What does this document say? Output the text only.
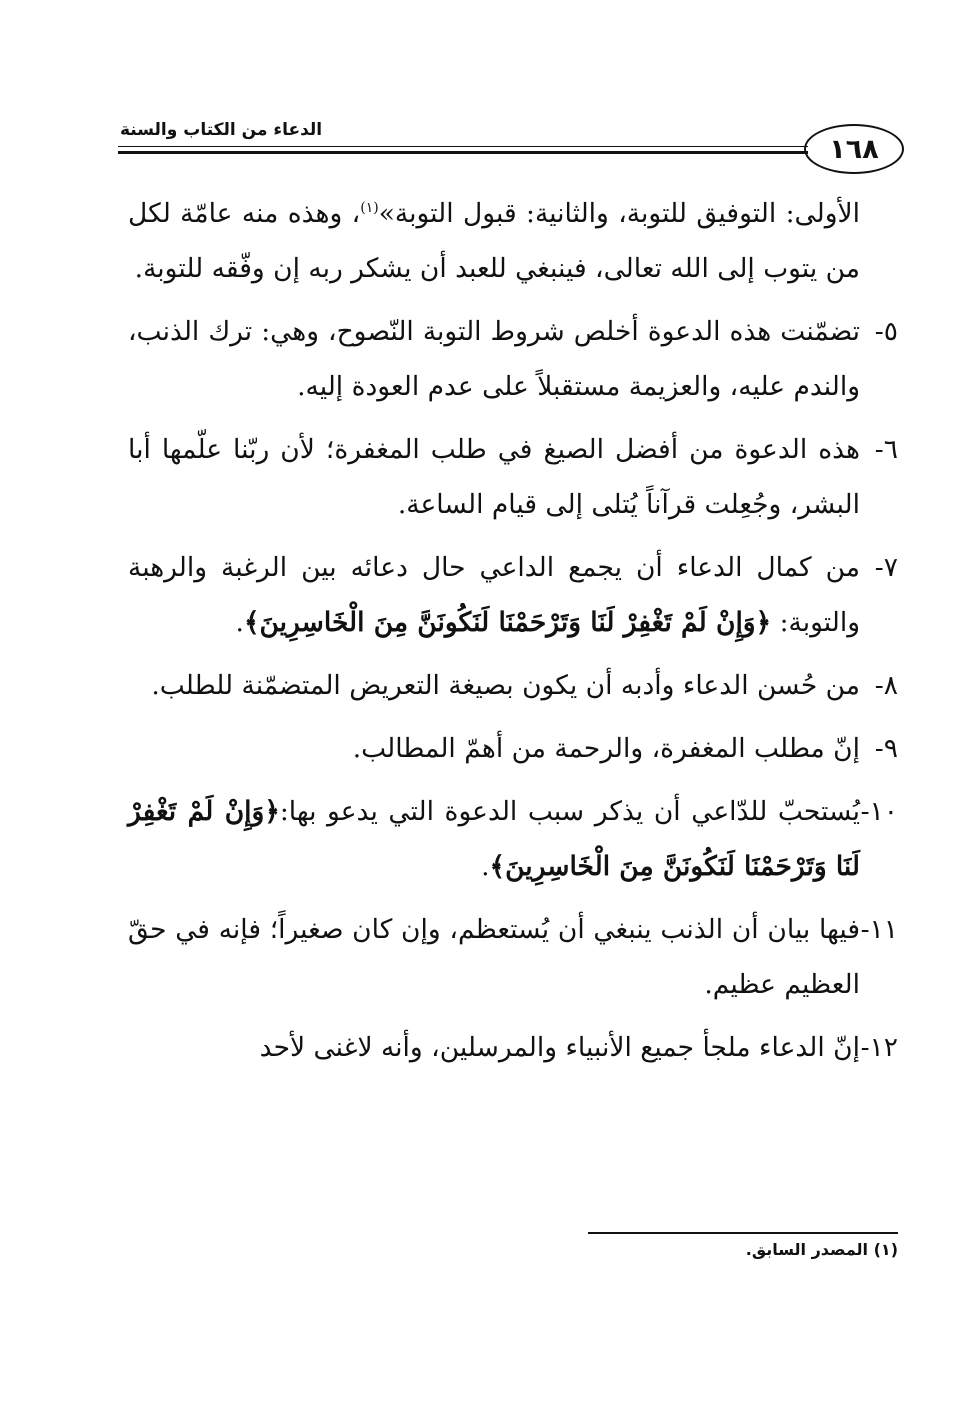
الدعاء من الكتاب والسنة
١٦٨

الأولى: التوفيق للتوبة، والثانية: قبول التوبة»$^{(١)}$، وهذه منه عامّة لكل من يتوب إلى الله تعالى، فينبغي للعبد أن يشكر ربه إن وفّقه للتوبة.

٥-تضمّنت هذه الدعوة أخلص شروط التوبة النّصوح، وهي: ترك الذنب، والندم عليه، والعزيمة مستقبلاً على عدم العودة إليه.

٦-هذه الدعوة من أفضل الصيغ في طلب المغفرة؛ لأن ربّنا علّمها أبا البشر، وجُعِلت قرآناً يُتلى إلى قيام الساعة.

٧-من كمال الدعاء أن يجمع الداعي حال دعائه بين الرغبة والرهبة والتوبة: ﴿وَإِنْ لَمْ تَغْفِرْ لَنَا وَتَرْحَمْنَا لَنَكُونَنَّ مِنَ الْخَاسِرِينَ﴾.

٨-من حُسن الدعاء وأدبه أن يكون بصيغة التعريض المتضمّنة للطلب.

٩-إنّ مطلب المغفرة، والرحمة من أهمّ المطالب.

١٠-يُستحبّ للدّاعي أن يذكر سبب الدعوة التي يدعو بها:﴿وَإِنْ لَمْ تَغْفِرْ لَنَا وَتَرْحَمْنَا لَنَكُونَنَّ مِنَ الْخَاسِرِينَ﴾.

١١-فيها بيان أن الذنب ينبغي أن يُستعظم، وإن كان صغيراً؛ فإنه في حقّ العظيم عظيم.

١٢-إنّ الدعاء ملجأ جميع الأنبياء والمرسلين، وأنه لاغنى لأحد

(١) المصدر السابق.
